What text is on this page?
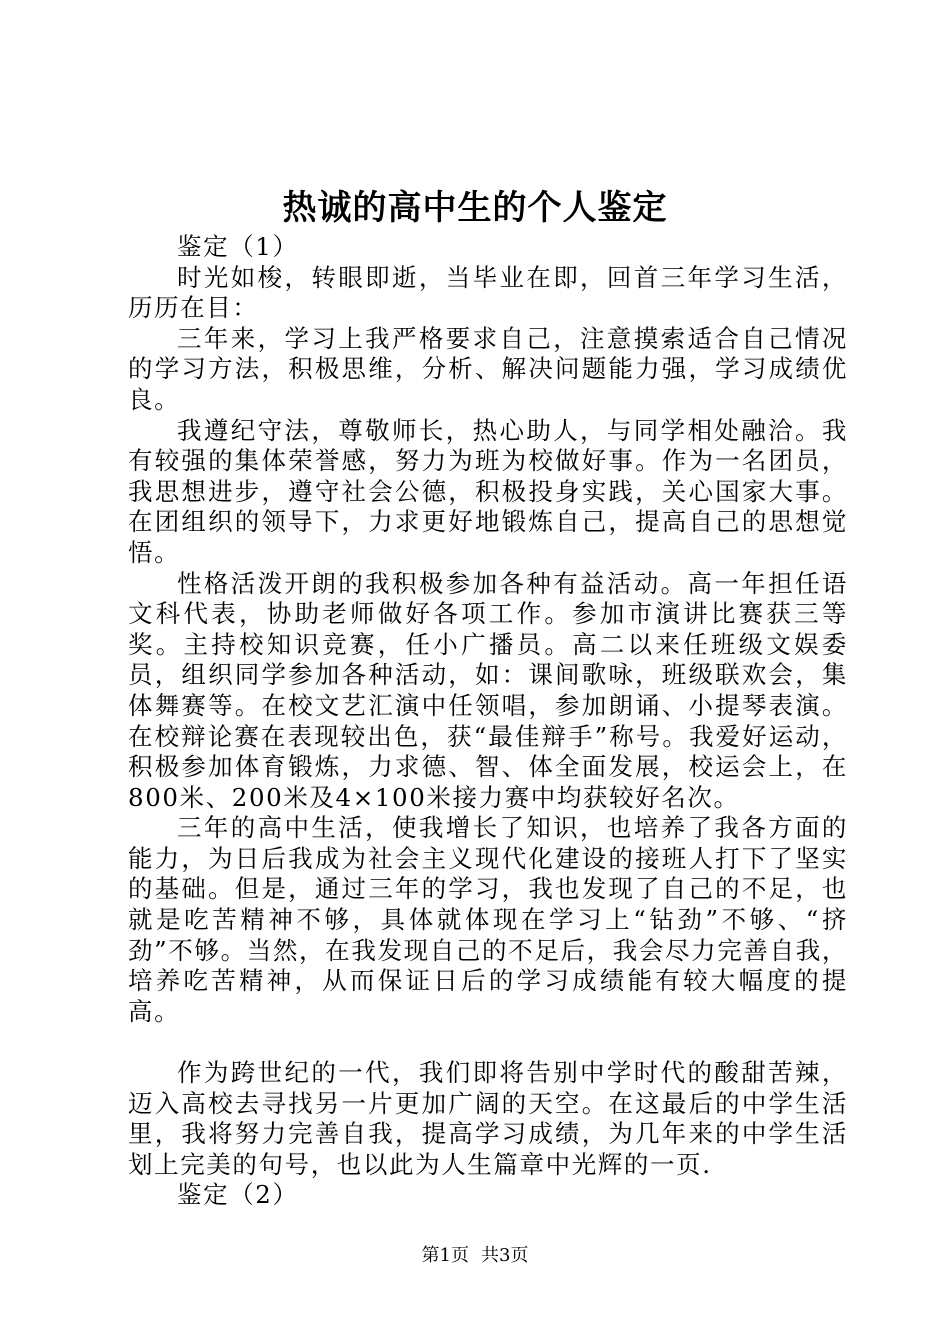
热诚的高中生的个人鉴定

鉴定（1）

时光如梭，转眼即逝，当毕业在即，回首三年学习生活，历历在目：

三年来，学习上我严格要求自己，注意摸索适合自己情况的学习方法，积极思维，分析、解决问题能力强，学习成绩优良。

我遵纪守法，尊敬师长，热心助人，与同学相处融洽。我有较强的集体荣誉感，努力为班为校做好事。作为一名团员，我思想进步，遵守社会公德，积极投身实践，关心国家大事。在团组织的领导下，力求更好地锻炼自己，提高自己的思想觉悟。

性格活泼开朗的我积极参加各种有益活动。高一年担任语文科代表，协助老师做好各项工作。参加市演讲比赛获三等奖。主持校知识竞赛，任小广播员。高二以来任班级文娱委员，组织同学参加各种活动，如：课间歌咏，班级联欢会，集体舞赛等。在校文艺汇演中任领唱，参加朗诵、小提琴表演。在校辩论赛在表现较出色，获“最佳辩手”称号。我爱好运动，积极参加体育锻炼，力求德、智、体全面发展，校运会上，在800米、200米及4×100米接力赛中均获较好名次。

三年的高中生活，使我增长了知识，也培养了我各方面的能力，为日后我成为社会主义现代化建设的接班人打下了坚实的基础。但是，通过三年的学习，我也发现了自己的不足，也就是吃苦精神不够，具体就体现在学习上“钻劲”不够、“挤劲”不够。当然，在我发现自己的不足后，我会尽力完善自我，培养吃苦精神，从而保证日后的学习成绩能有较大幅度的提高。

作为跨世纪的一代，我们即将告别中学时代的酸甜苦辣，迈入高校去寻找另一片更加广阔的天空。在这最后的中学生活里，我将努力完善自我，提高学习成绩，为几年来的中学生活划上完美的句号，也以此为人生篇章中光辉的一页.

鉴定（2）

第1页 共3页
